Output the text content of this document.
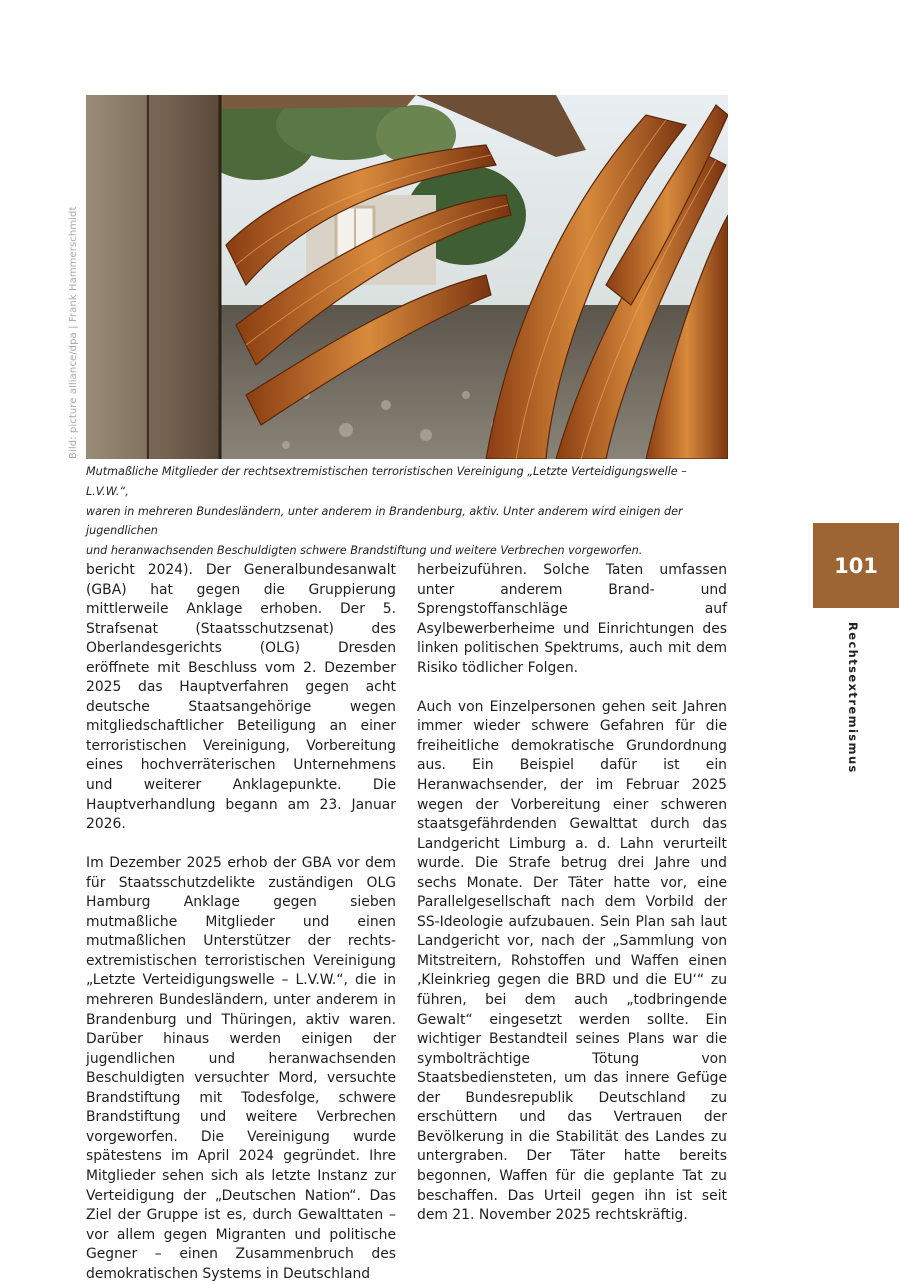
Bild: picture alliance/dpa | Frank Hammerschmidt
Mutmaßliche Mitglieder der rechtsextremistischen terroristischen Vereinigung „Letzte Verteidigungswelle – L.V.W.“,
waren in mehreren Bundesländern, unter anderem in Brandenburg, aktiv. Unter anderem wird einigen der jugendlichen
und heranwachsenden Beschuldigten schwere Brandstiftung und weitere Verbrechen vorgeworfen.

bericht 2024). Der Generalbundesanwalt (GBA) hat gegen die Gruppierung mittlerweile Anklage erhoben. Der 5. Strafsenat (Staatsschutzsenat) des Oberlandesgerichts (OLG) Dresden eröffnete mit Beschluss vom 2. Dezember 2025 das Hauptverfahren gegen acht deutsche Staatsangehörige wegen mitgliedschaftlicher Beteiligung an einer terroristischen Vereinigung, Vorbereitung eines hochverräterischen Unternehmens und weiterer Anklagepunkte. Die Hauptverhandlung begann am 23. Januar 2026.

Im Dezember 2025 erhob der GBA vor dem für Staatsschutzdelikte zuständigen OLG Hamburg Anklage gegen sieben mutmaßliche Mitglieder und einen mutmaßlichen Unterstützer der rechtsextremistischen terroristischen Vereinigung „Letzte Verteidigungswelle – L.V.W.“, die in mehreren Bundesländern, unter anderem in Brandenburg und Thüringen, aktiv waren. Darüber hinaus werden einigen der jugendlichen und heranwachsenden Beschuldigten versuchter Mord, versuchte Brandstiftung mit Todesfolge, schwere Brandstiftung und weitere Verbrechen vorgeworfen. Die Vereinigung wurde spätestens im April 2024 gegründet. Ihre Mitglieder sehen sich als letzte Instanz zur Verteidigung der „Deutschen Nation“. Das Ziel der Gruppe ist es, durch Gewalttaten – vor allem gegen Migranten und politische Gegner – einen Zusammenbruch des demokratischen Systems in Deutschland

herbeizuführen. Solche Taten umfassen unter anderem Brand- und Sprengstoffanschläge auf Asylbewerberheime und Einrichtungen des linken politischen Spektrums, auch mit dem Risiko tödlicher Folgen.

Auch von Einzelpersonen gehen seit Jahren immer wieder schwere Gefahren für die freiheitliche demokratische Grundordnung aus. Ein Beispiel dafür ist ein Heranwachsender, der im Februar 2025 wegen der Vorbereitung einer schweren staatsgefährdenden Gewalttat durch das Landgericht Limburg a. d. Lahn verurteilt wurde. Die Strafe betrug drei Jahre und sechs Monate. Der Täter hatte vor, eine Parallelgesellschaft nach dem Vorbild der SS-Ideologie aufzubauen. Sein Plan sah laut Landgericht vor, nach der „Sammlung von Mitstreitern, Rohstoffen und Waffen einen ‚Kleinkrieg gegen die BRD und die EU‘“ zu führen, bei dem auch „todbringende Gewalt“ eingesetzt werden sollte. Ein wichtiger Bestandteil seines Plans war die symbolträchtige Tötung von Staatsbediensteten, um das innere Gefüge der Bundesrepublik Deutschland zu erschüttern und das Vertrauen der Bevölkerung in die Stabilität des Landes zu untergraben. Der Täter hatte bereits begonnen, Waffen für die geplante Tat zu beschaffen. Das Urteil gegen ihn ist seit dem 21. November 2025 rechtskräftig.

101
Rechtsextremismus
